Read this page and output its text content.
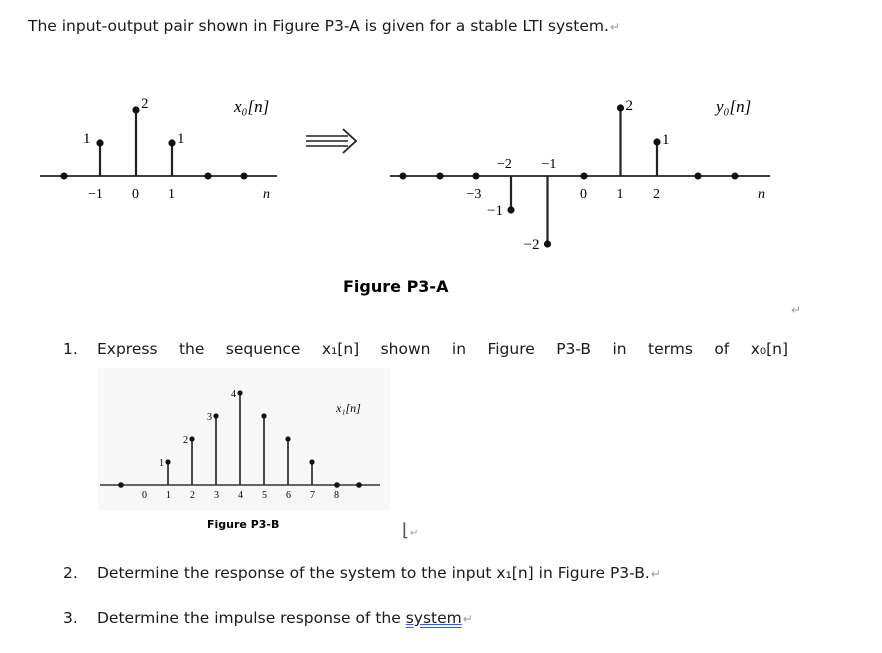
The input-output pair shown in Figure P3-A is given for a stable LTI system.↵
1
2
1
−1 0 1
x₀[n]
n
−1
−2
2
1
−3
−2 −1
0 1 2
y₀[n]
n
Figure P3-A
↵
1. Express the sequence x₁[n] shown in Figure P3-B in terms of x₀[n]
1
2
3
4
x₁[n]
0 1 2 3 4 5 6 7 8
Figure P3-B	⌊↵
2. Determine the response of the system to the input x₁[n] in Figure P3-B.↵
3. Determine the impulse response of the system↵
